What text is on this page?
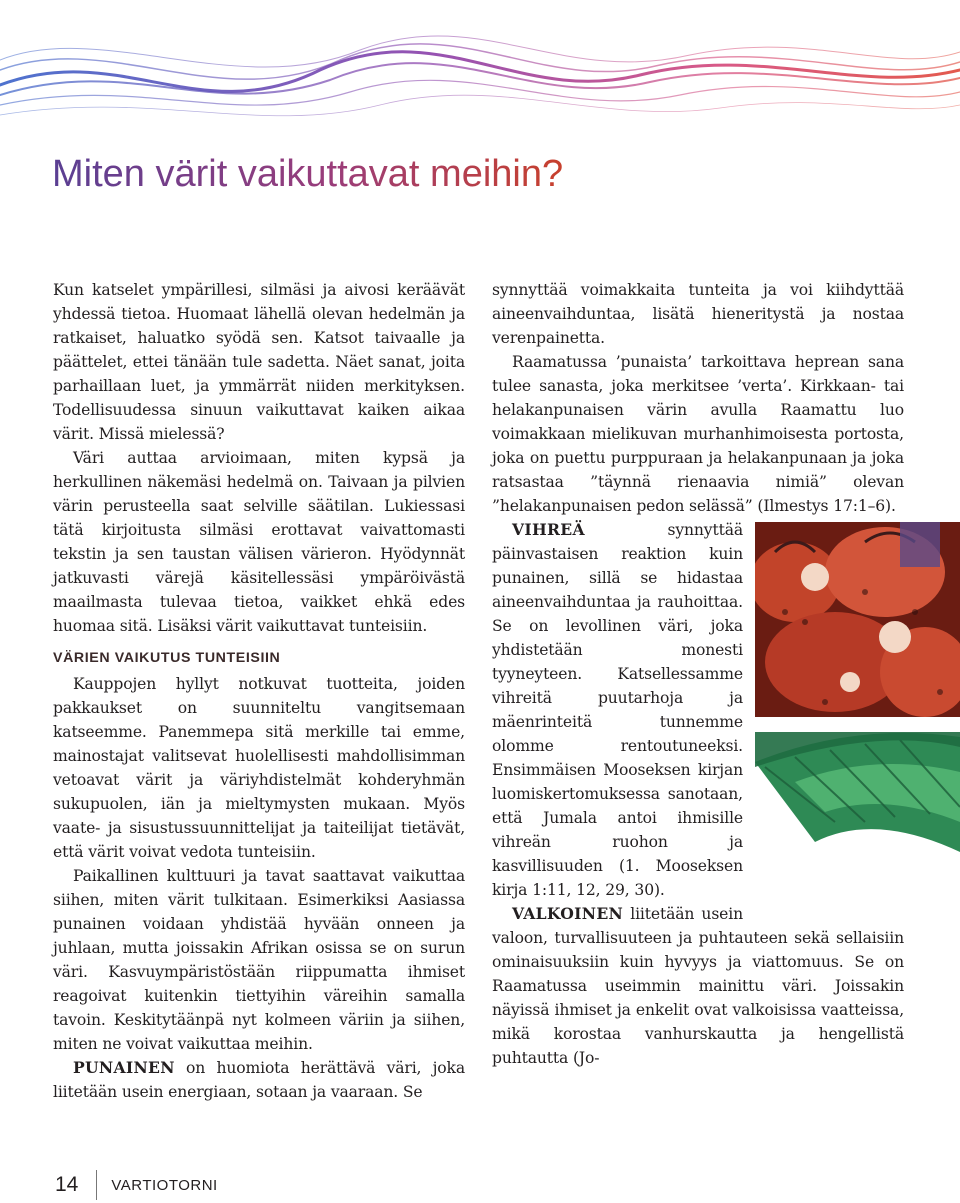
Miten värit vaikuttavat meihin?

Kun katselet ympärillesi, silmäsi ja aivosi keräävät yhdessä tietoa. Huomaat lähellä olevan hedelmän ja ratkaiset, haluatko syödä sen. Katsot taivaalle ja päättelet, ettei tänään tule sadetta. Näet sanat, joita parhaillaan luet, ja ymmärrät niiden merkityksen. Todellisuudessa sinuun vaikuttavat kaiken aikaa värit. Missä mielessä?

Väri auttaa arvioimaan, miten kypsä ja herkullinen näkemäsi hedelmä on. Taivaan ja pilvien värin perusteella saat selville säätilan. Lukiessasi tätä kirjoitusta silmäsi erottavat vaivattomasti tekstin ja sen taustan välisen värieron. Hyödynnät jatkuvasti värejä käsitellessäsi ympäröivästä maailmasta tulevaa tietoa, vaikket ehkä edes huomaa sitä. Lisäksi värit vaikuttavat tunteisiin.

VÄRIEN VAIKUTUS TUNTEISIIN

Kauppojen hyllyt notkuvat tuotteita, joiden pakkaukset on suunniteltu vangitsemaan katseemme. Panemmepa sitä merkille tai emme, mainostajat valitsevat huolellisesti mahdollisimman vetoavat värit ja väriyhdistelmät kohderyhmän sukupuolen, iän ja mieltymysten mukaan. Myös vaate- ja sisustussuunnittelijat ja taiteilijat tietävät, että värit voivat vedota tunteisiin.

Paikallinen kulttuuri ja tavat saattavat vaikuttaa siihen, miten värit tulkitaan. Esimerkiksi Aasiassa punainen voidaan yhdistää hyvään onneen ja juhlaan, mutta joissakin Afrikan osissa se on surun väri. Kasvuympäristöstään riippumatta ihmiset reagoivat kuitenkin tiettyihin väreihin samalla tavoin. Keskitytäänpä nyt kolmeen väriin ja siihen, miten ne voivat vaikuttaa meihin.

PUNAINEN on huomiota herättävä väri, joka liitetään usein energiaan, sotaan ja vaaraan. Se

synnyttää voimakkaita tunteita ja voi kiihdyttää aineenvaihduntaa, lisätä hieneritystä ja nostaa verenpainetta.

Raamatussa ’punaista’ tarkoittava heprean sana tulee sanasta, joka merkitsee ’verta’. Kirkkaan- tai helakanpunaisen värin avulla Raamattu luo voimakkaan mielikuvan murhanhimoisesta portosta, joka on puettu purppuraan ja helakanpunaan ja joka ratsastaa ”täynnä rienaavia nimiä” olevan ”helakanpunaisen pedon selässä” (Ilmestys 17:1–6).

VIHREÄ synnyttää päinvastaisen reaktion kuin punainen, sillä se hidastaa aineenvaihduntaa ja rauhoittaa. Se on levollinen väri, joka yhdistetään monesti tyyneyteen. Katsellessamme vihreitä puutarhoja ja mäenrinteitä tunnemme olomme rentoutuneeksi. Ensimmäisen Mooseksen kirjan luomiskertomuksessa sanotaan, että Jumala antoi ihmisille vihreän ruohon ja kasvillisuuden (1. Mooseksen kirja 1:11, 12, 29, 30).

VALKOINEN liitetään usein valoon, turvallisuuteen ja puhtauteen sekä sellaisiin ominaisuuksiin kuin hyvyys ja viattomuus. Se on Raamatussa useimmin mainittu väri. Joissakin näyissä ihmiset ja enkelit ovat valkoisissa vaatteissa, mikä korostaa vanhurskautta ja hengellistä puhtautta (Jo-

14 VARTIOTORNI
